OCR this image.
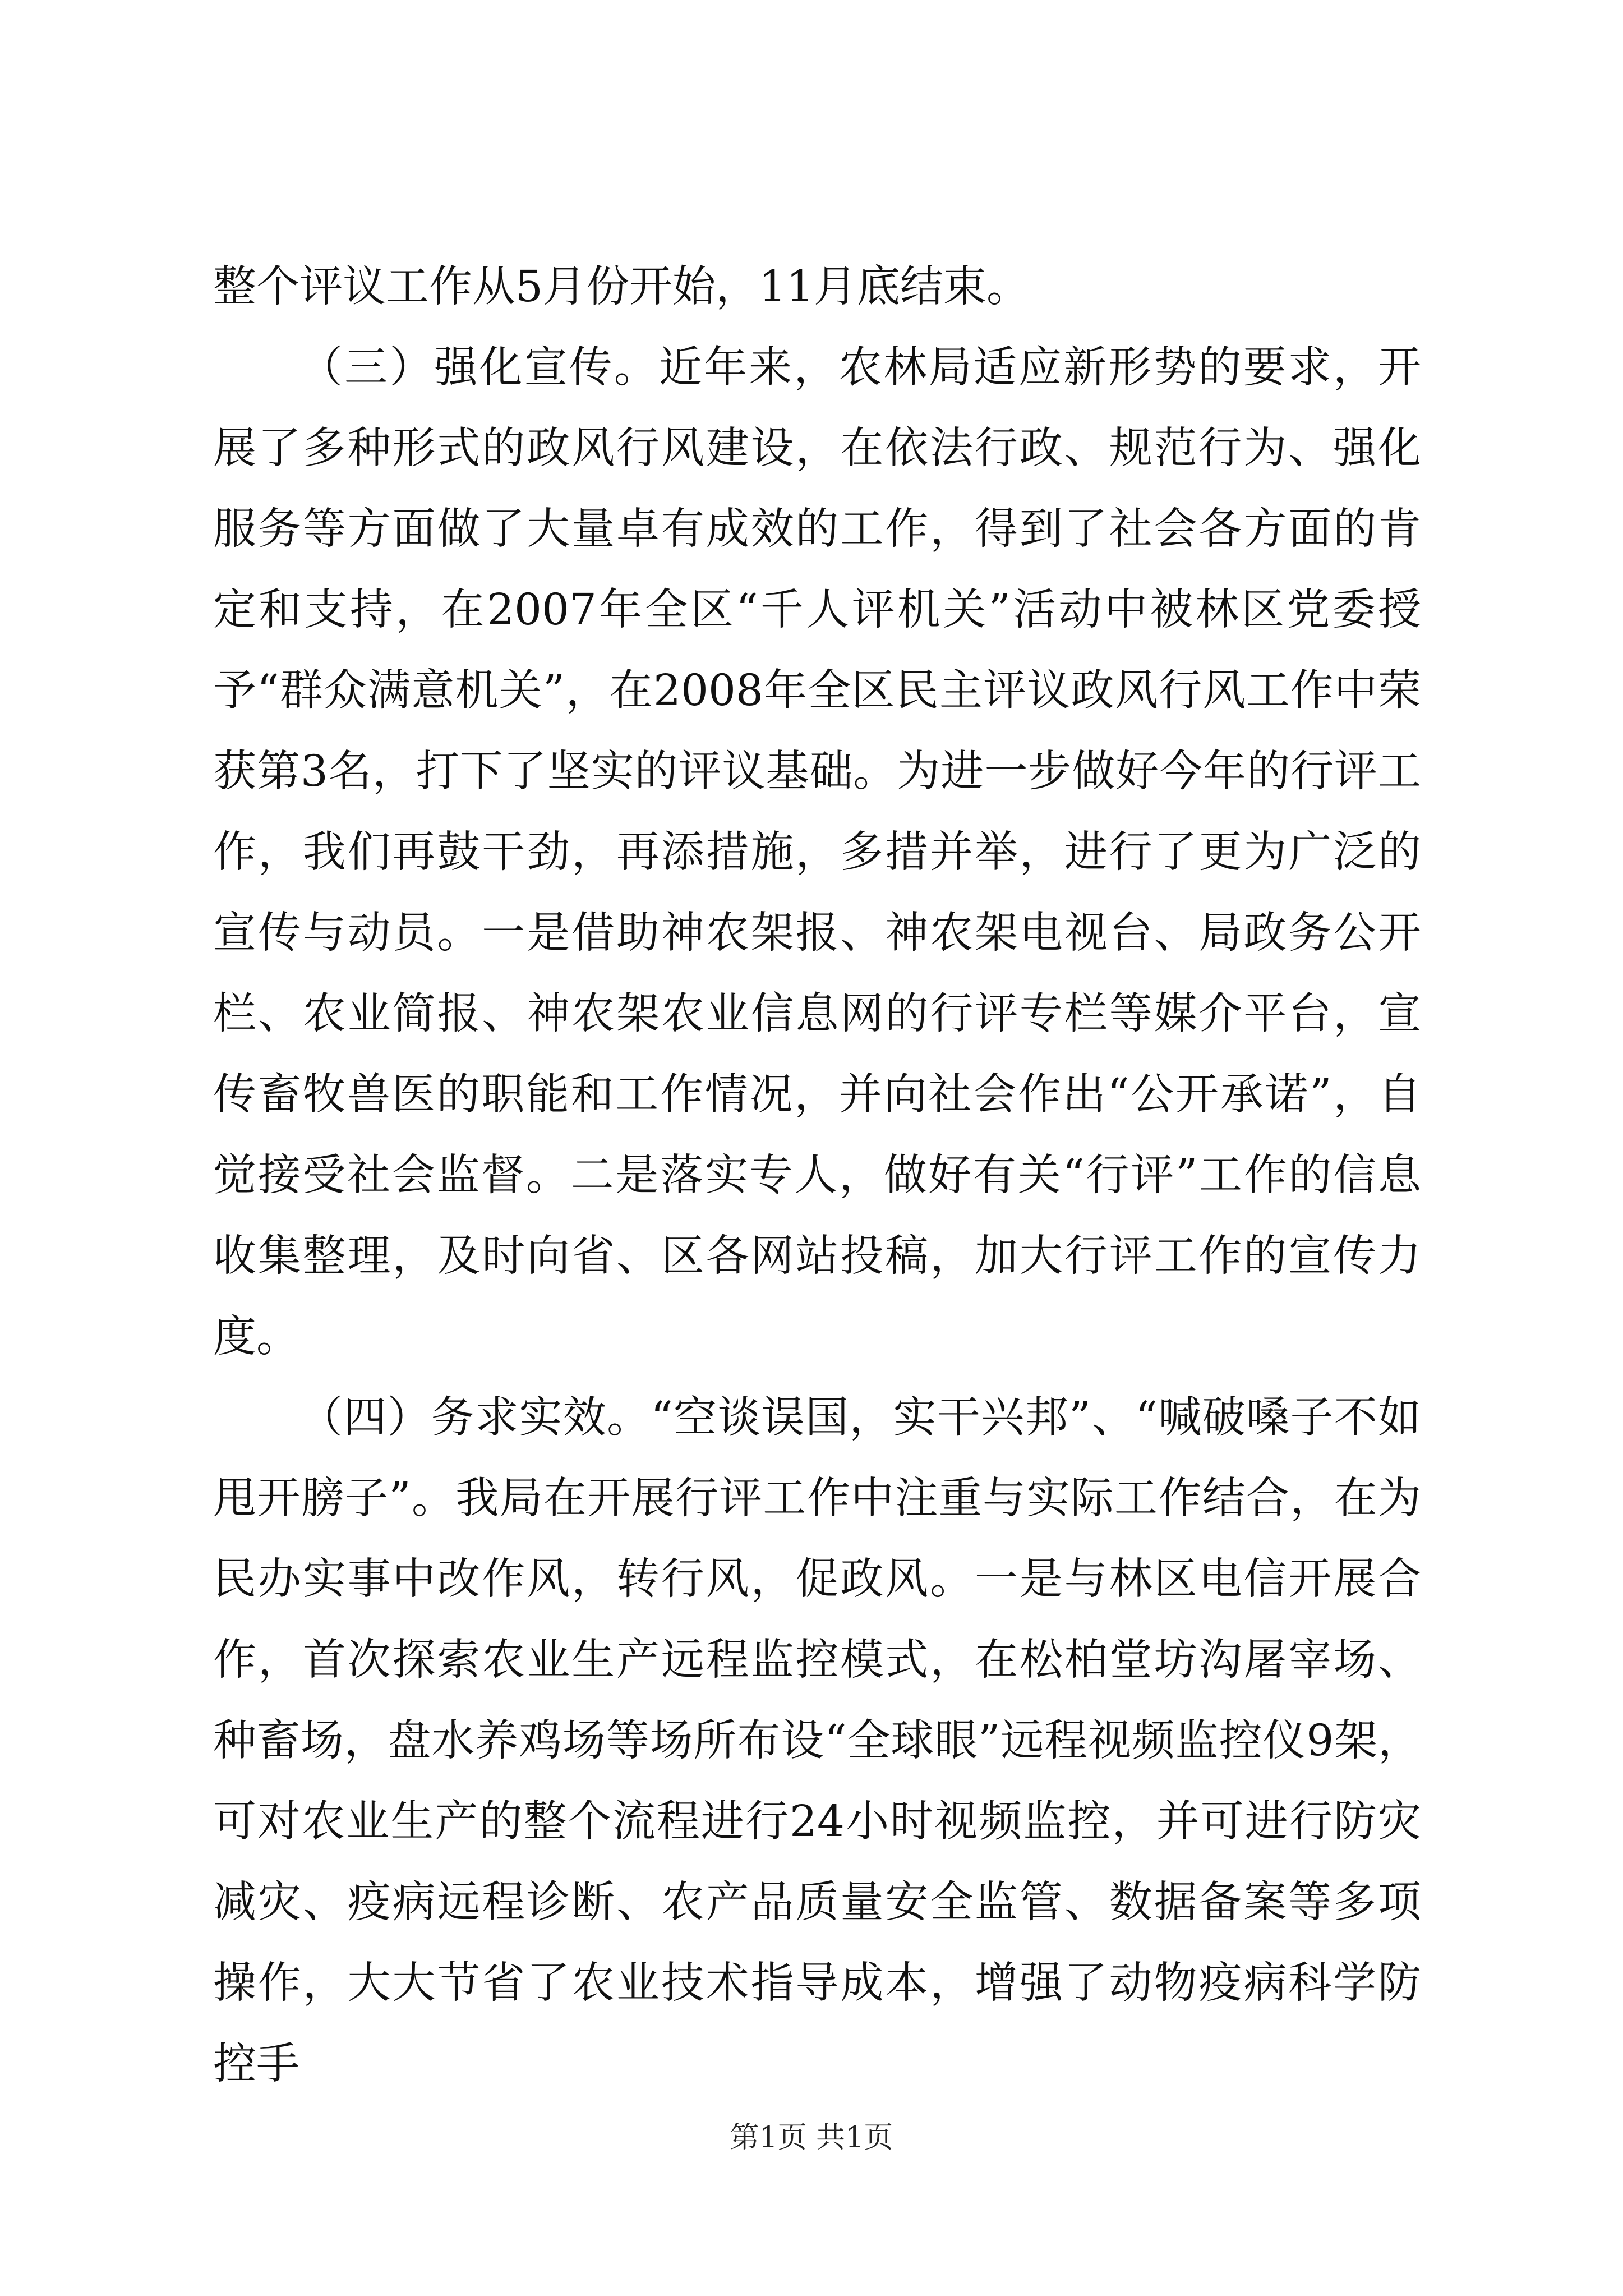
整个评议工作从5月份开始，11月底结束。

（三）强化宣传。近年来，农林局适应新形势的要求，开展了多种形式的政风行风建设，在依法行政、规范行为、强化服务等方面做了大量卓有成效的工作，得到了社会各方面的肯定和支持，在2007年全区“千人评机关”活动中被林区党委授予“群众满意机关”，在2008年全区民主评议政风行风工作中荣获第3名，打下了坚实的评议基础。为进一步做好今年的行评工作，我们再鼓干劲，再添措施，多措并举，进行了更为广泛的宣传与动员。一是借助神农架报、神农架电视台、局政务公开栏、农业简报、神农架农业信息网的行评专栏等媒介平台，宣传畜牧兽医的职能和工作情况，并向社会作出“公开承诺”，自觉接受社会监督。二是落实专人，做好有关“行评”工作的信息收集整理，及时向省、区各网站投稿，加大行评工作的宣传力度。

（四）务求实效。“空谈误国，实干兴邦”、“喊破嗓子不如甩开膀子”。我局在开展行评工作中注重与实际工作结合，在为民办实事中改作风，转行风，促政风。一是与林区电信开展合作，首次探索农业生产远程监控模式，在松柏堂坊沟屠宰场、种畜场，盘水养鸡场等场所布设“全球眼”远程视频监控仪9架，可对农业生产的整个流程进行24小时视频监控，并可进行防灾减灾、疫病远程诊断、农产品质量安全监管、数据备案等多项操作，大大节省了农业技术指导成本，增强了动物疫病科学防控手

第1页 共1页
